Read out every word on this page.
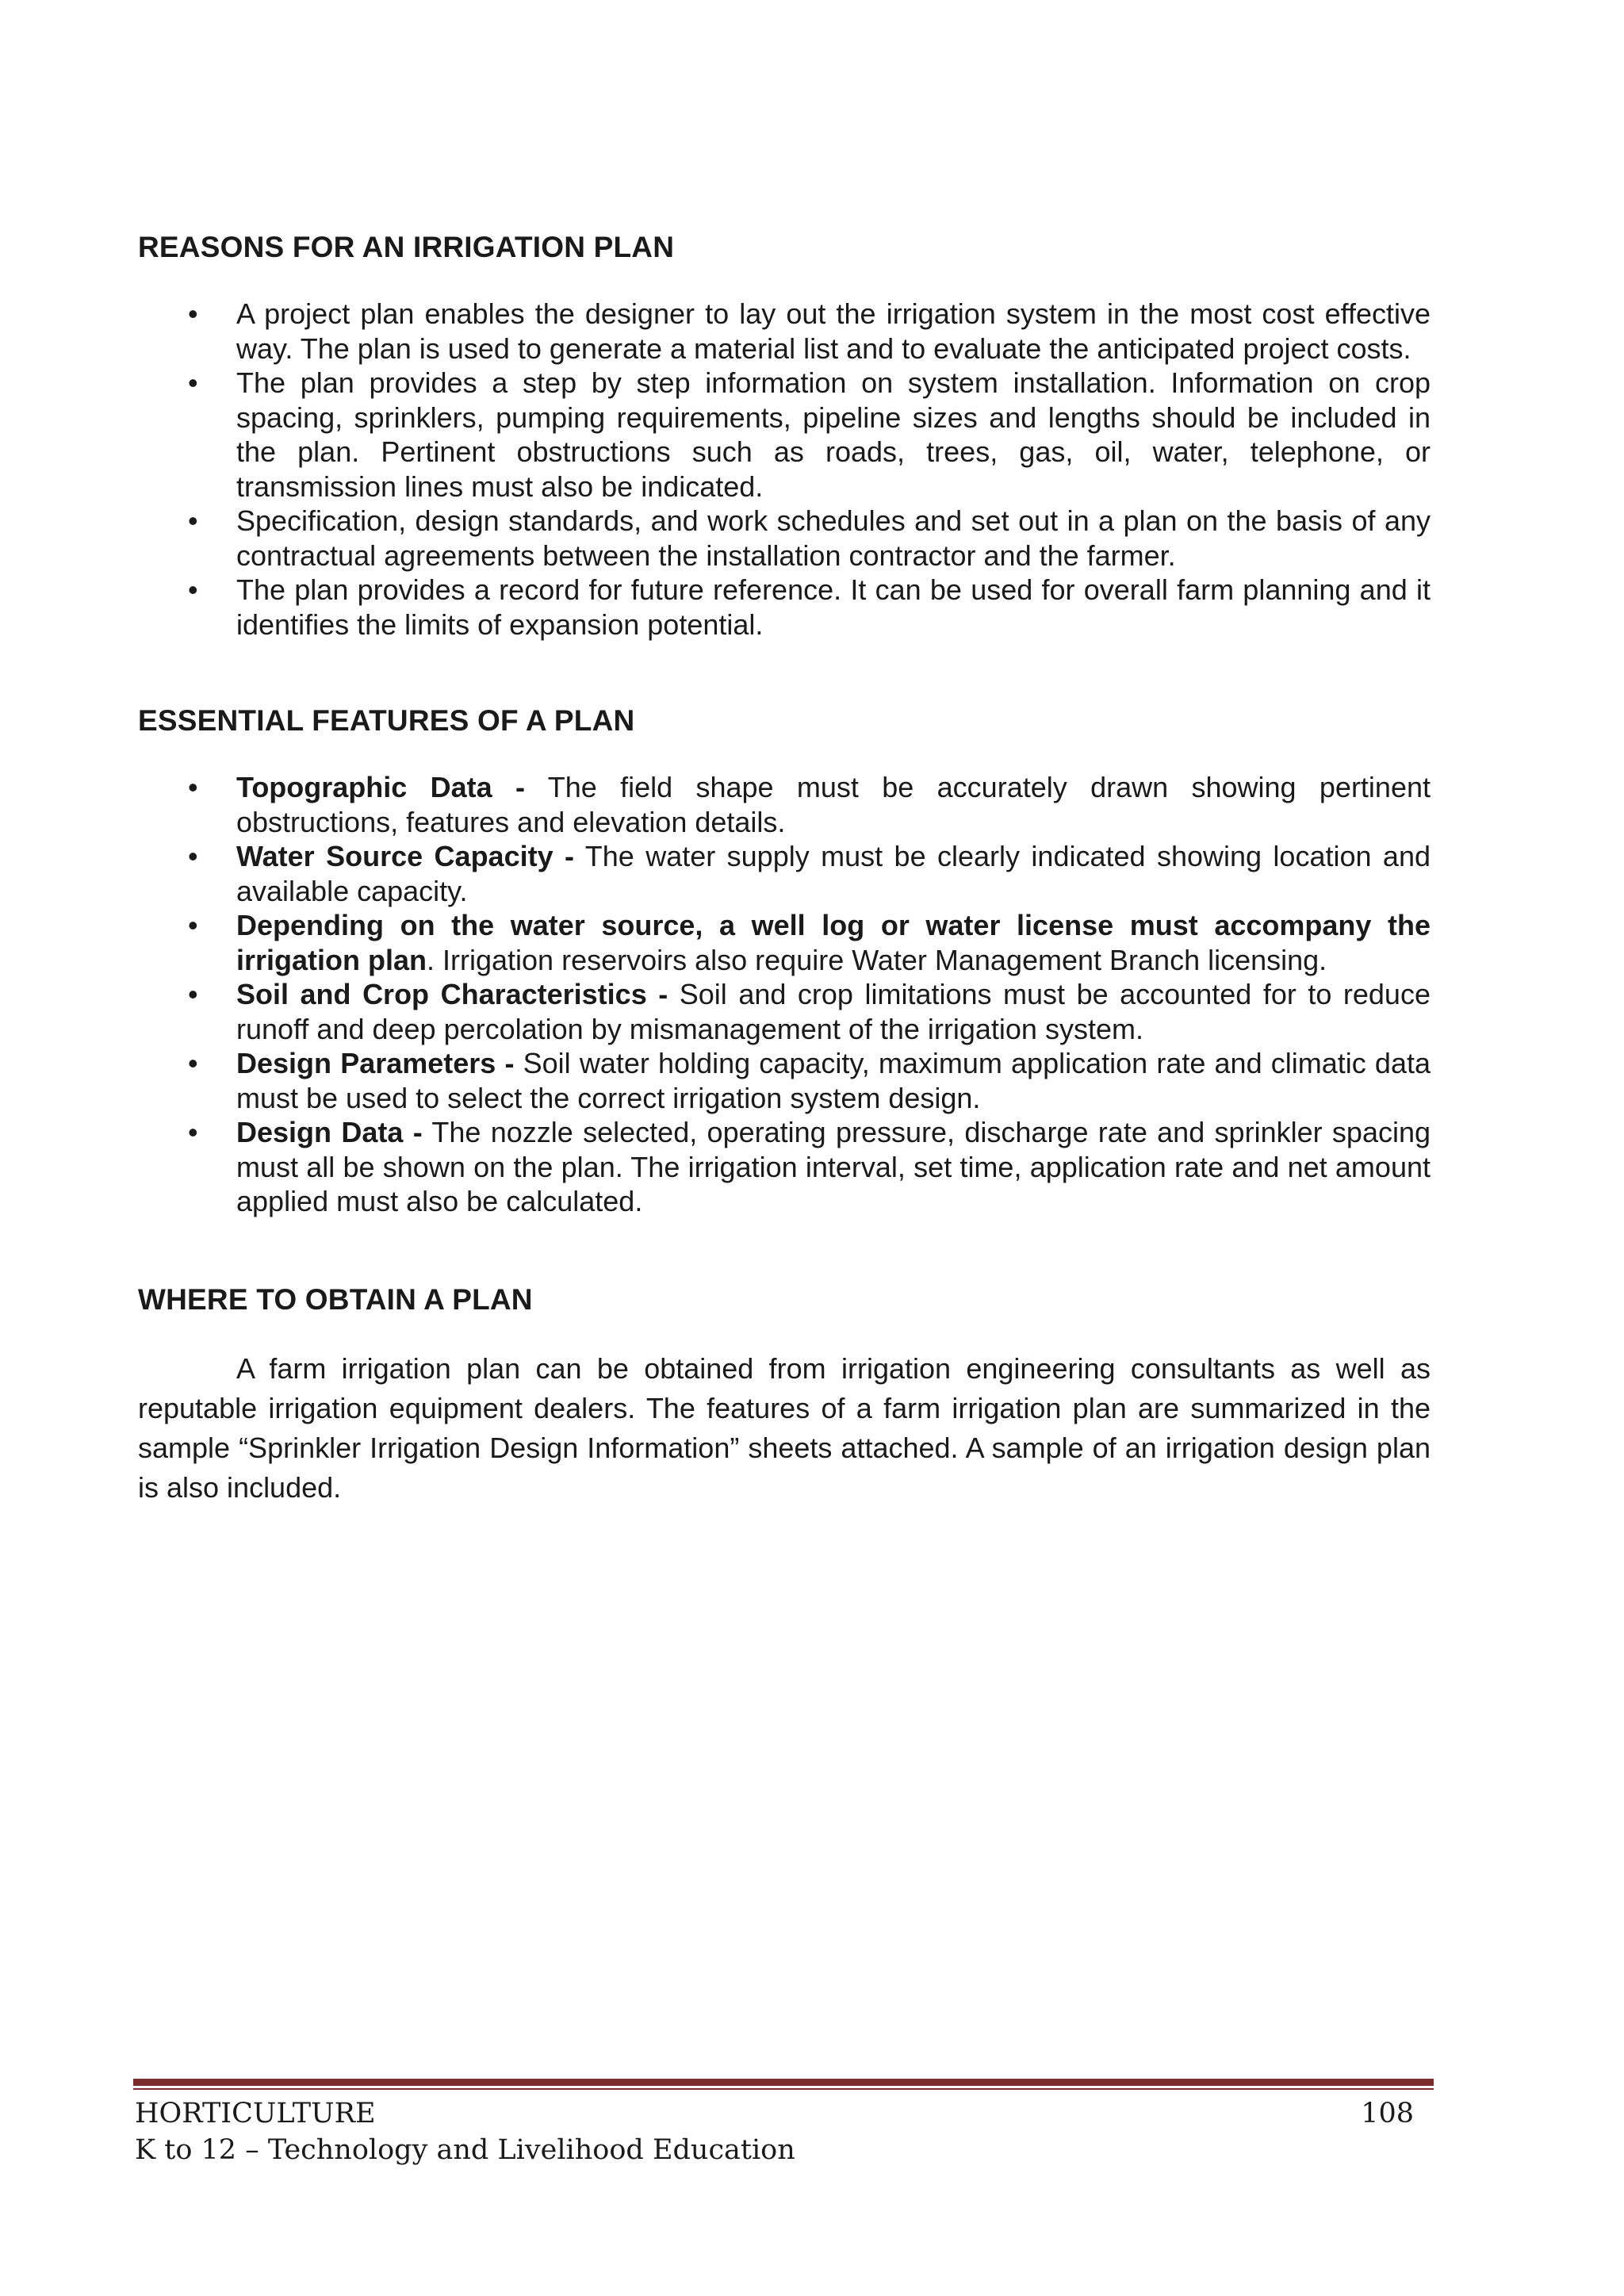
REASONS FOR AN IRRIGATION PLAN
• A project plan enables the designer to lay out the irrigation system in the most cost effective way. The plan is used to generate a material list and to evaluate the anticipated project costs.
• The plan provides a step by step information on system installation. Information on crop spacing, sprinklers, pumping requirements, pipeline sizes and lengths should be included in the plan. Pertinent obstructions such as roads, trees, gas, oil, water, telephone, or transmission lines must also be indicated.
• Specification, design standards, and work schedules and set out in a plan on the basis of any contractual agreements between the installation contractor and the farmer.
• The plan provides a record for future reference. It can be used for overall farm planning and it identifies the limits of expansion potential.
ESSENTIAL FEATURES OF A PLAN
• Topographic Data - The field shape must be accurately drawn showing pertinent obstructions, features and elevation details.
• Water Source Capacity - The water supply must be clearly indicated showing location and available capacity.
• Depending on the water source, a well log or water license must accompany the irrigation plan. Irrigation reservoirs also require Water Management Branch licensing.
• Soil and Crop Characteristics - Soil and crop limitations must be accounted for to reduce runoff and deep percolation by mismanagement of the irrigation system.
• Design Parameters - Soil water holding capacity, maximum application rate and climatic data must be used to select the correct irrigation system design.
• Design Data - The nozzle selected, operating pressure, discharge rate and sprinkler spacing must all be shown on the plan. The irrigation interval, set time, application rate and net amount applied must also be calculated.
WHERE TO OBTAIN A PLAN

A farm irrigation plan can be obtained from irrigation engineering consultants as well as reputable irrigation equipment dealers. The features of a farm irrigation plan are summarized in the sample “Sprinkler Irrigation Design Information” sheets attached. A sample of an irrigation design plan is also included.

HORTICULTURE
K to 12 – Technology and Livelihood Education
108
